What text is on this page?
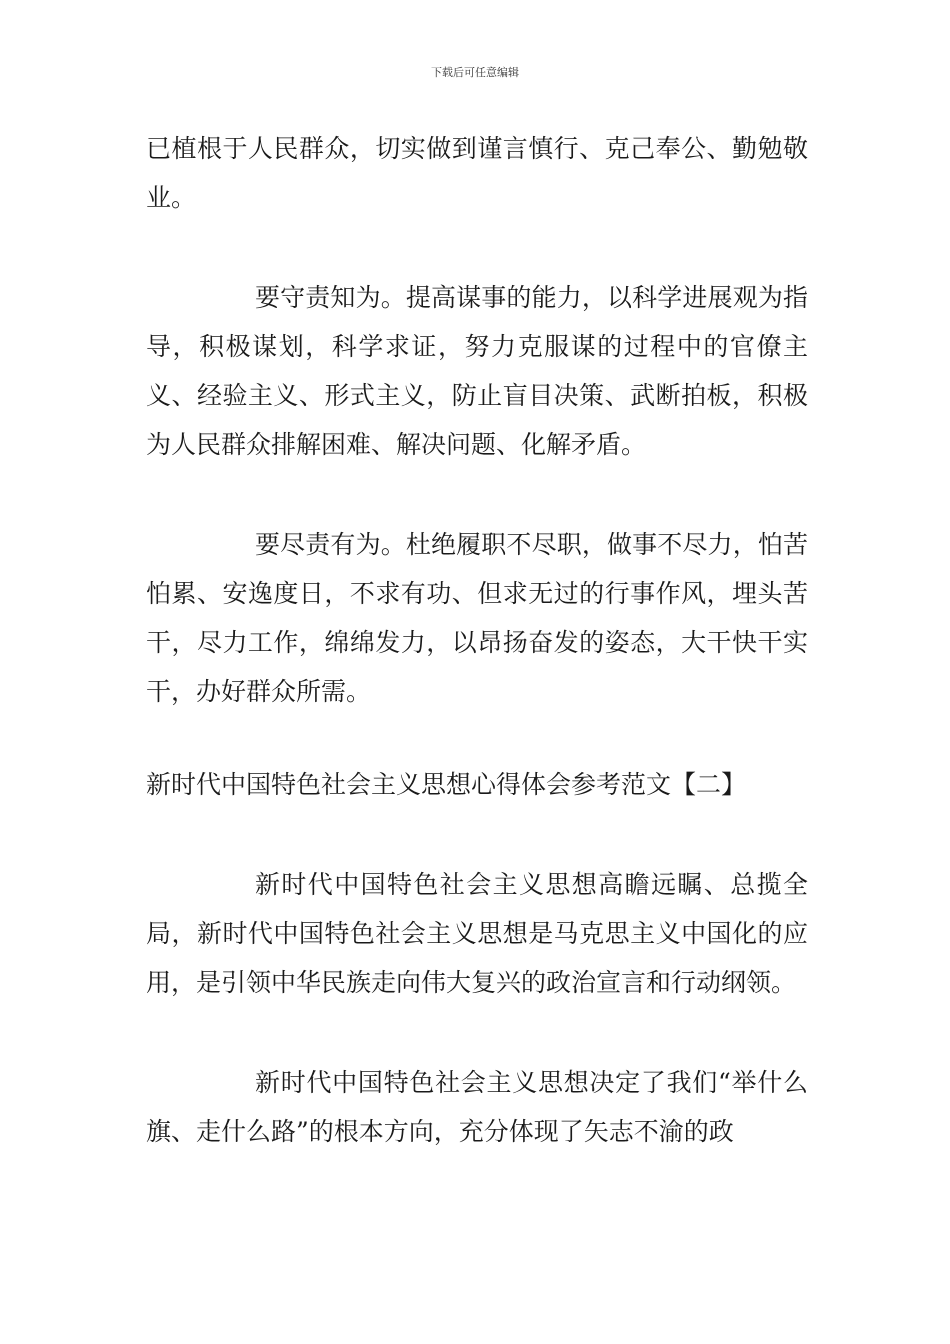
下载后可任意编辑

已植根于人民群众，切实做到谨言慎行、克己奉公、勤勉敬业。

要守责知为。提高谋事的能力，以科学进展观为指导，积极谋划，科学求证，努力克服谋的过程中的官僚主义、经验主义、形式主义，防止盲目决策、武断拍板，积极为人民群众排解困难、解决问题、化解矛盾。

要尽责有为。杜绝履职不尽职，做事不尽力，怕苦怕累、安逸度日，不求有功、但求无过的行事作风，埋头苦干，尽力工作，绵绵发力，以昂扬奋发的姿态，大干快干实干，办好群众所需。

新时代中国特色社会主义思想心得体会参考范文【二】

新时代中国特色社会主义思想高瞻远瞩、总揽全局，新时代中国特色社会主义思想是马克思主义中国化的应用，是引领中华民族走向伟大复兴的政治宣言和行动纲领。

新时代中国特色社会主义思想决定了我们“举什么旗、走什么路”的根本方向，充分体现了矢志不渝的政
